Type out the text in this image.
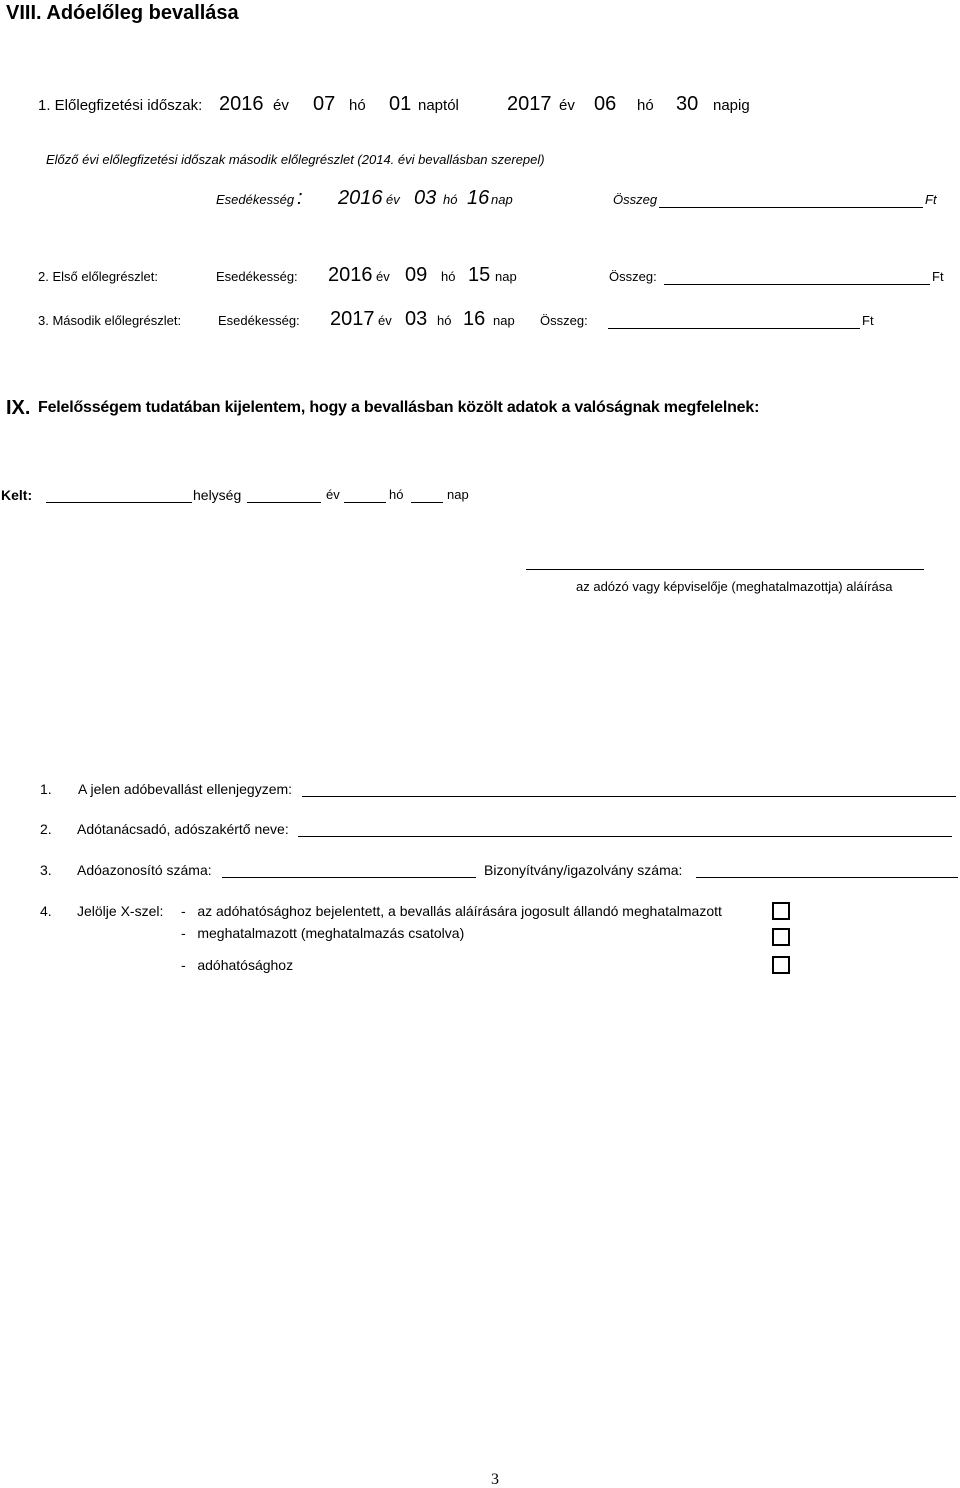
VIII. Adóelőleg bevallása
1. Előlegfizetési időszak: 2016 év 07 hó 01 naptól 2017 év 06 hó 30 napig
Előző évi előlegfizetési időszak második előlegrészlet (2014. évi bevallásban szerepel)
Esedékesség : 2016 év 03 hó 16 nap	Összeg	Ft
2. Első előlegrészlet:	Esedékesség: 2016 év 09 hó 15 nap	Összeg:	Ft
3. Második előlegrészlet:	Esedékesség: 2017 év 03 hó 16 nap Összeg:	Ft
IX. Felelősségem tudatában kijelentem, hogy a bevallásban közölt adatok a valóságnak megfelelnek:
Kelt:	helység	év	hó	nap
az adózó vagy képviselője (meghatalmazottja) aláírása
1. A jelen adóbevallást ellenjegyzem:
2. Adótanácsadó, adószakértő neve:
3. Adóazonosító száma:	Bizonyítvány/igazolvány száma:
4. Jelölje X-szel: -   az adóhatósághoz bejelentett, a bevallás aláírására jogosult állandó meghatalmazott
-   meghatalmazott (meghatalmazás csatolva)
-   adóhatósághoz
3
